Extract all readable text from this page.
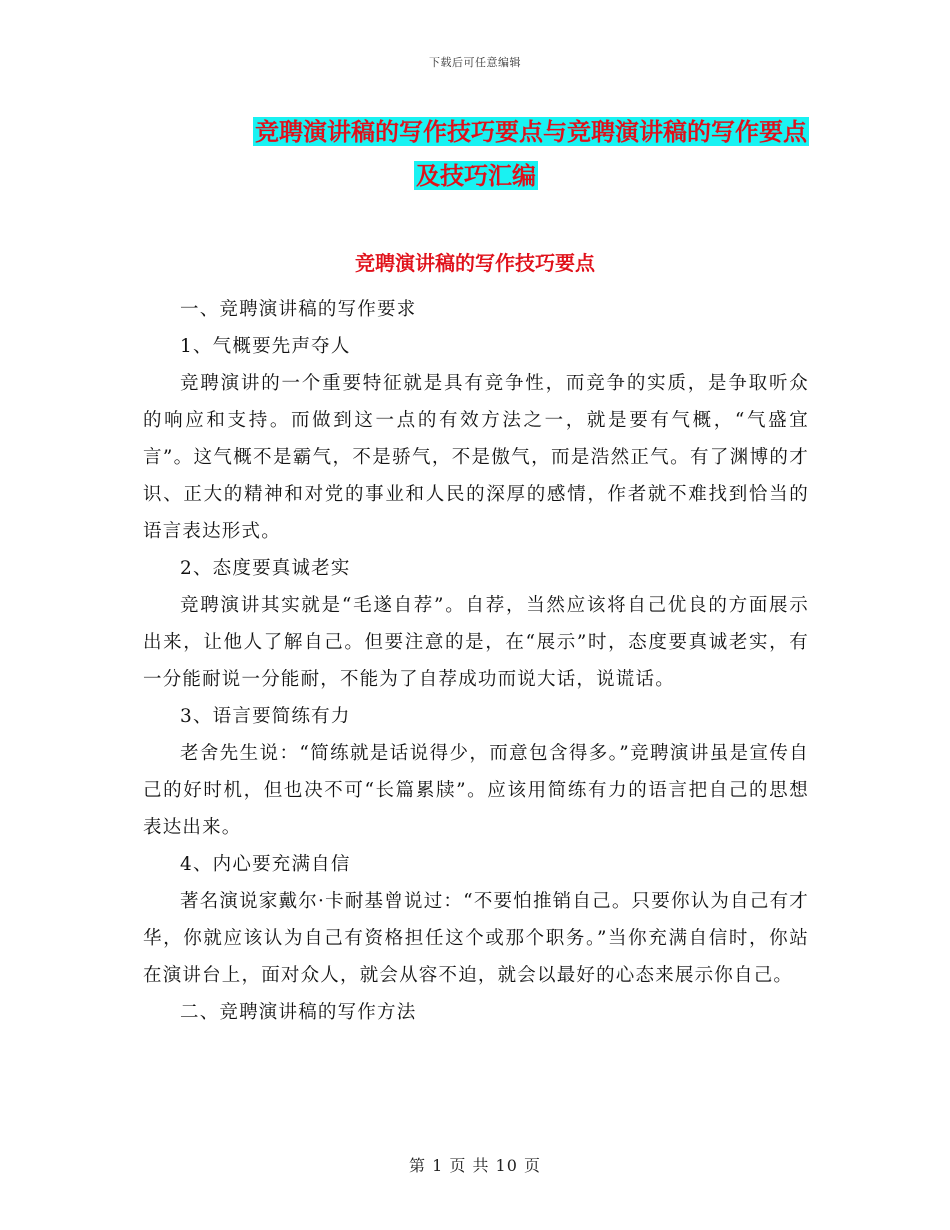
下载后可任意编辑
竞聘演讲稿的写作技巧要点与竞聘演讲稿的写作要点
及技巧汇编
竞聘演讲稿的写作技巧要点

一、竞聘演讲稿的写作要求

1、气概要先声夺人

竞聘演讲的一个重要特征就是具有竞争性，而竞争的实质，是争取听众的响应和支持。而做到这一点的有效方法之一，就是要有气概，“气盛宜言”。这气概不是霸气，不是骄气，不是傲气，而是浩然正气。有了渊博的才识、正大的精神和对党的事业和人民的深厚的感情，作者就不难找到恰当的语言表达形式。

2、态度要真诚老实

竞聘演讲其实就是“毛遂自荐”。自荐，当然应该将自己优良的方面展示出来，让他人了解自己。但要注意的是，在“展示”时，态度要真诚老实，有一分能耐说一分能耐，不能为了自荐成功而说大话，说谎话。

3、语言要简练有力

老舍先生说：“简练就是话说得少，而意包含得多。”竞聘演讲虽是宣传自己的好时机，但也决不可“长篇累牍”。应该用简练有力的语言把自己的思想表达出来。

4、内心要充满自信

著名演说家戴尔·卡耐基曾说过：“不要怕推销自己。只要你认为自己有才华，你就应该认为自己有资格担任这个或那个职务。”当你充满自信时，你站在演讲台上，面对众人，就会从容不迫，就会以最好的心态来展示你自己。

二、竞聘演讲稿的写作方法

第 1 页 共 10 页
